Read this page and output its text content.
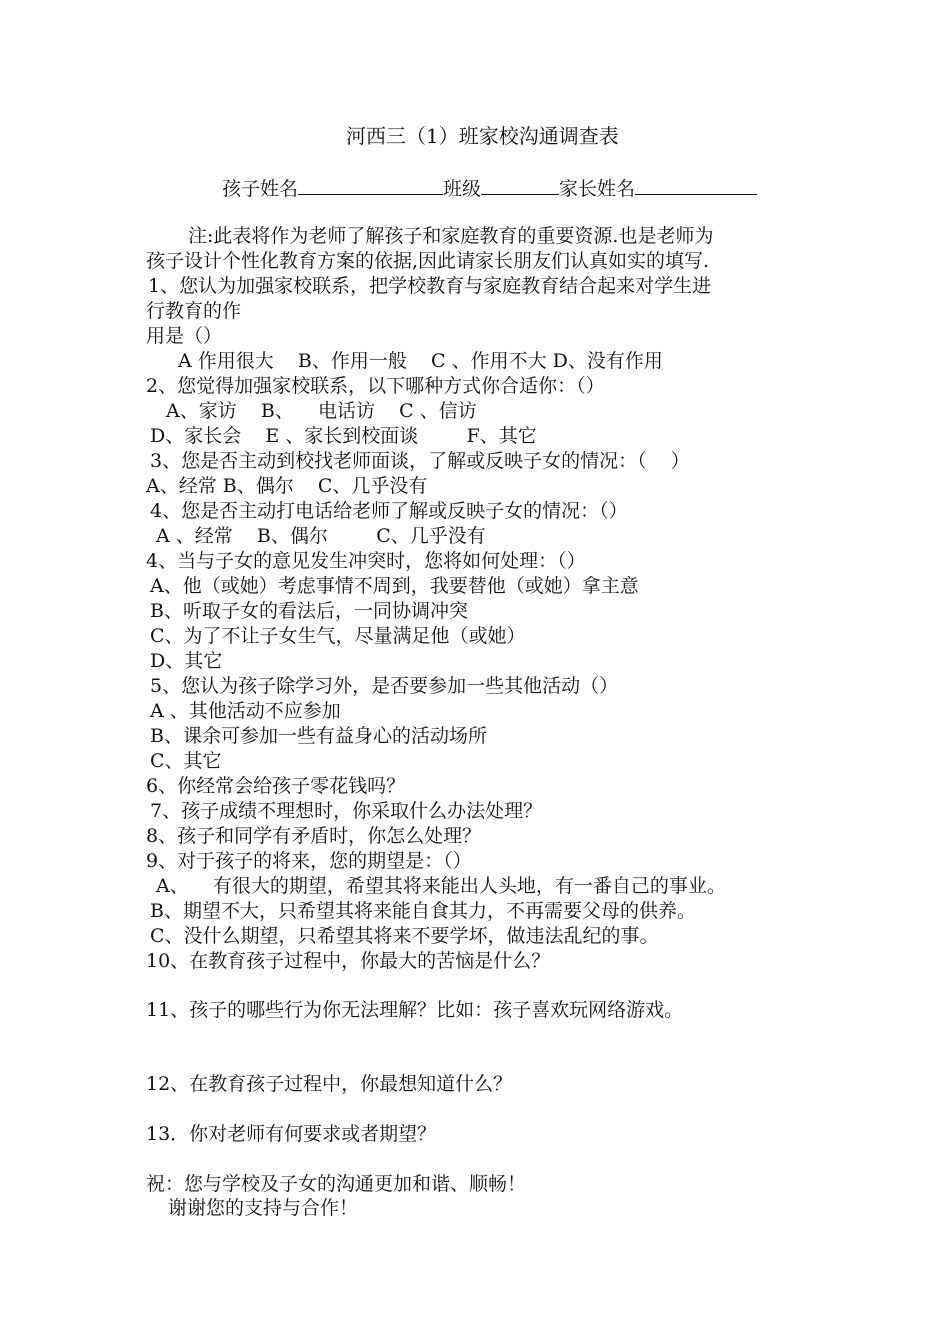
河西三（1）班家校沟通调查表
孩子姓名	班级	家长姓名
注:此表将作为老师了解孩子和家庭教育的重要资源.也是老师为
孩子设计个性化教育方案的依据,因此请家长朋友们认真如实的填写.
1、您认为加强家校联系，把学校教育与家庭教育结合起来对学生进
行教育的作
用是（）
A 作用很大    B、作用一般    C 、作用不大 D、没有作用
2、您觉得加强家校联系，以下哪种方式你合适你：（）
A、家访    B、    电话访    C 、信访
D、家长会    E 、家长到校面谈        F、其它
3、您是否主动到校找老师面谈，了解或反映子女的情况：（    ）
A、经常 B、偶尔    C、几乎没有
4、您是否主动打电话给老师了解或反映子女的情况：（）
A 、经常    B、偶尔        C、几乎没有
4、当与子女的意见发生冲突时，您将如何处理：（）
A、他（或她）考虑事情不周到，我要替他（或她）拿主意
B、听取子女的看法后，一同协调冲突
C、为了不让子女生气，尽量满足他（或她）
D、其它
5、您认为孩子除学习外，是否要参加一些其他活动（）
A 、其他活动不应参加
B、课余可参加一些有益身心的活动场所
C、其它
6、你经常会给孩子零花钱吗？
7、孩子成绩不理想时，你采取什么办法处理？
8、孩子和同学有矛盾时，你怎么处理？
9、对于孩子的将来，您的期望是：（）
A、    有很大的期望，希望其将来能出人头地，有一番自己的事业。
B、期望不大，只希望其将来能自食其力，不再需要父母的供养。
C、没什么期望，只希望其将来不要学坏，做违法乱纪的事。
10、在教育孩子过程中，你最大的苦恼是什么？
11、孩子的哪些行为你无法理解？比如：孩子喜欢玩网络游戏。
12、在教育孩子过程中，你最想知道什么？
13．你对老师有何要求或者期望？
祝：您与学校及子女的沟通更加和谐、顺畅！
谢谢您的支持与合作！
